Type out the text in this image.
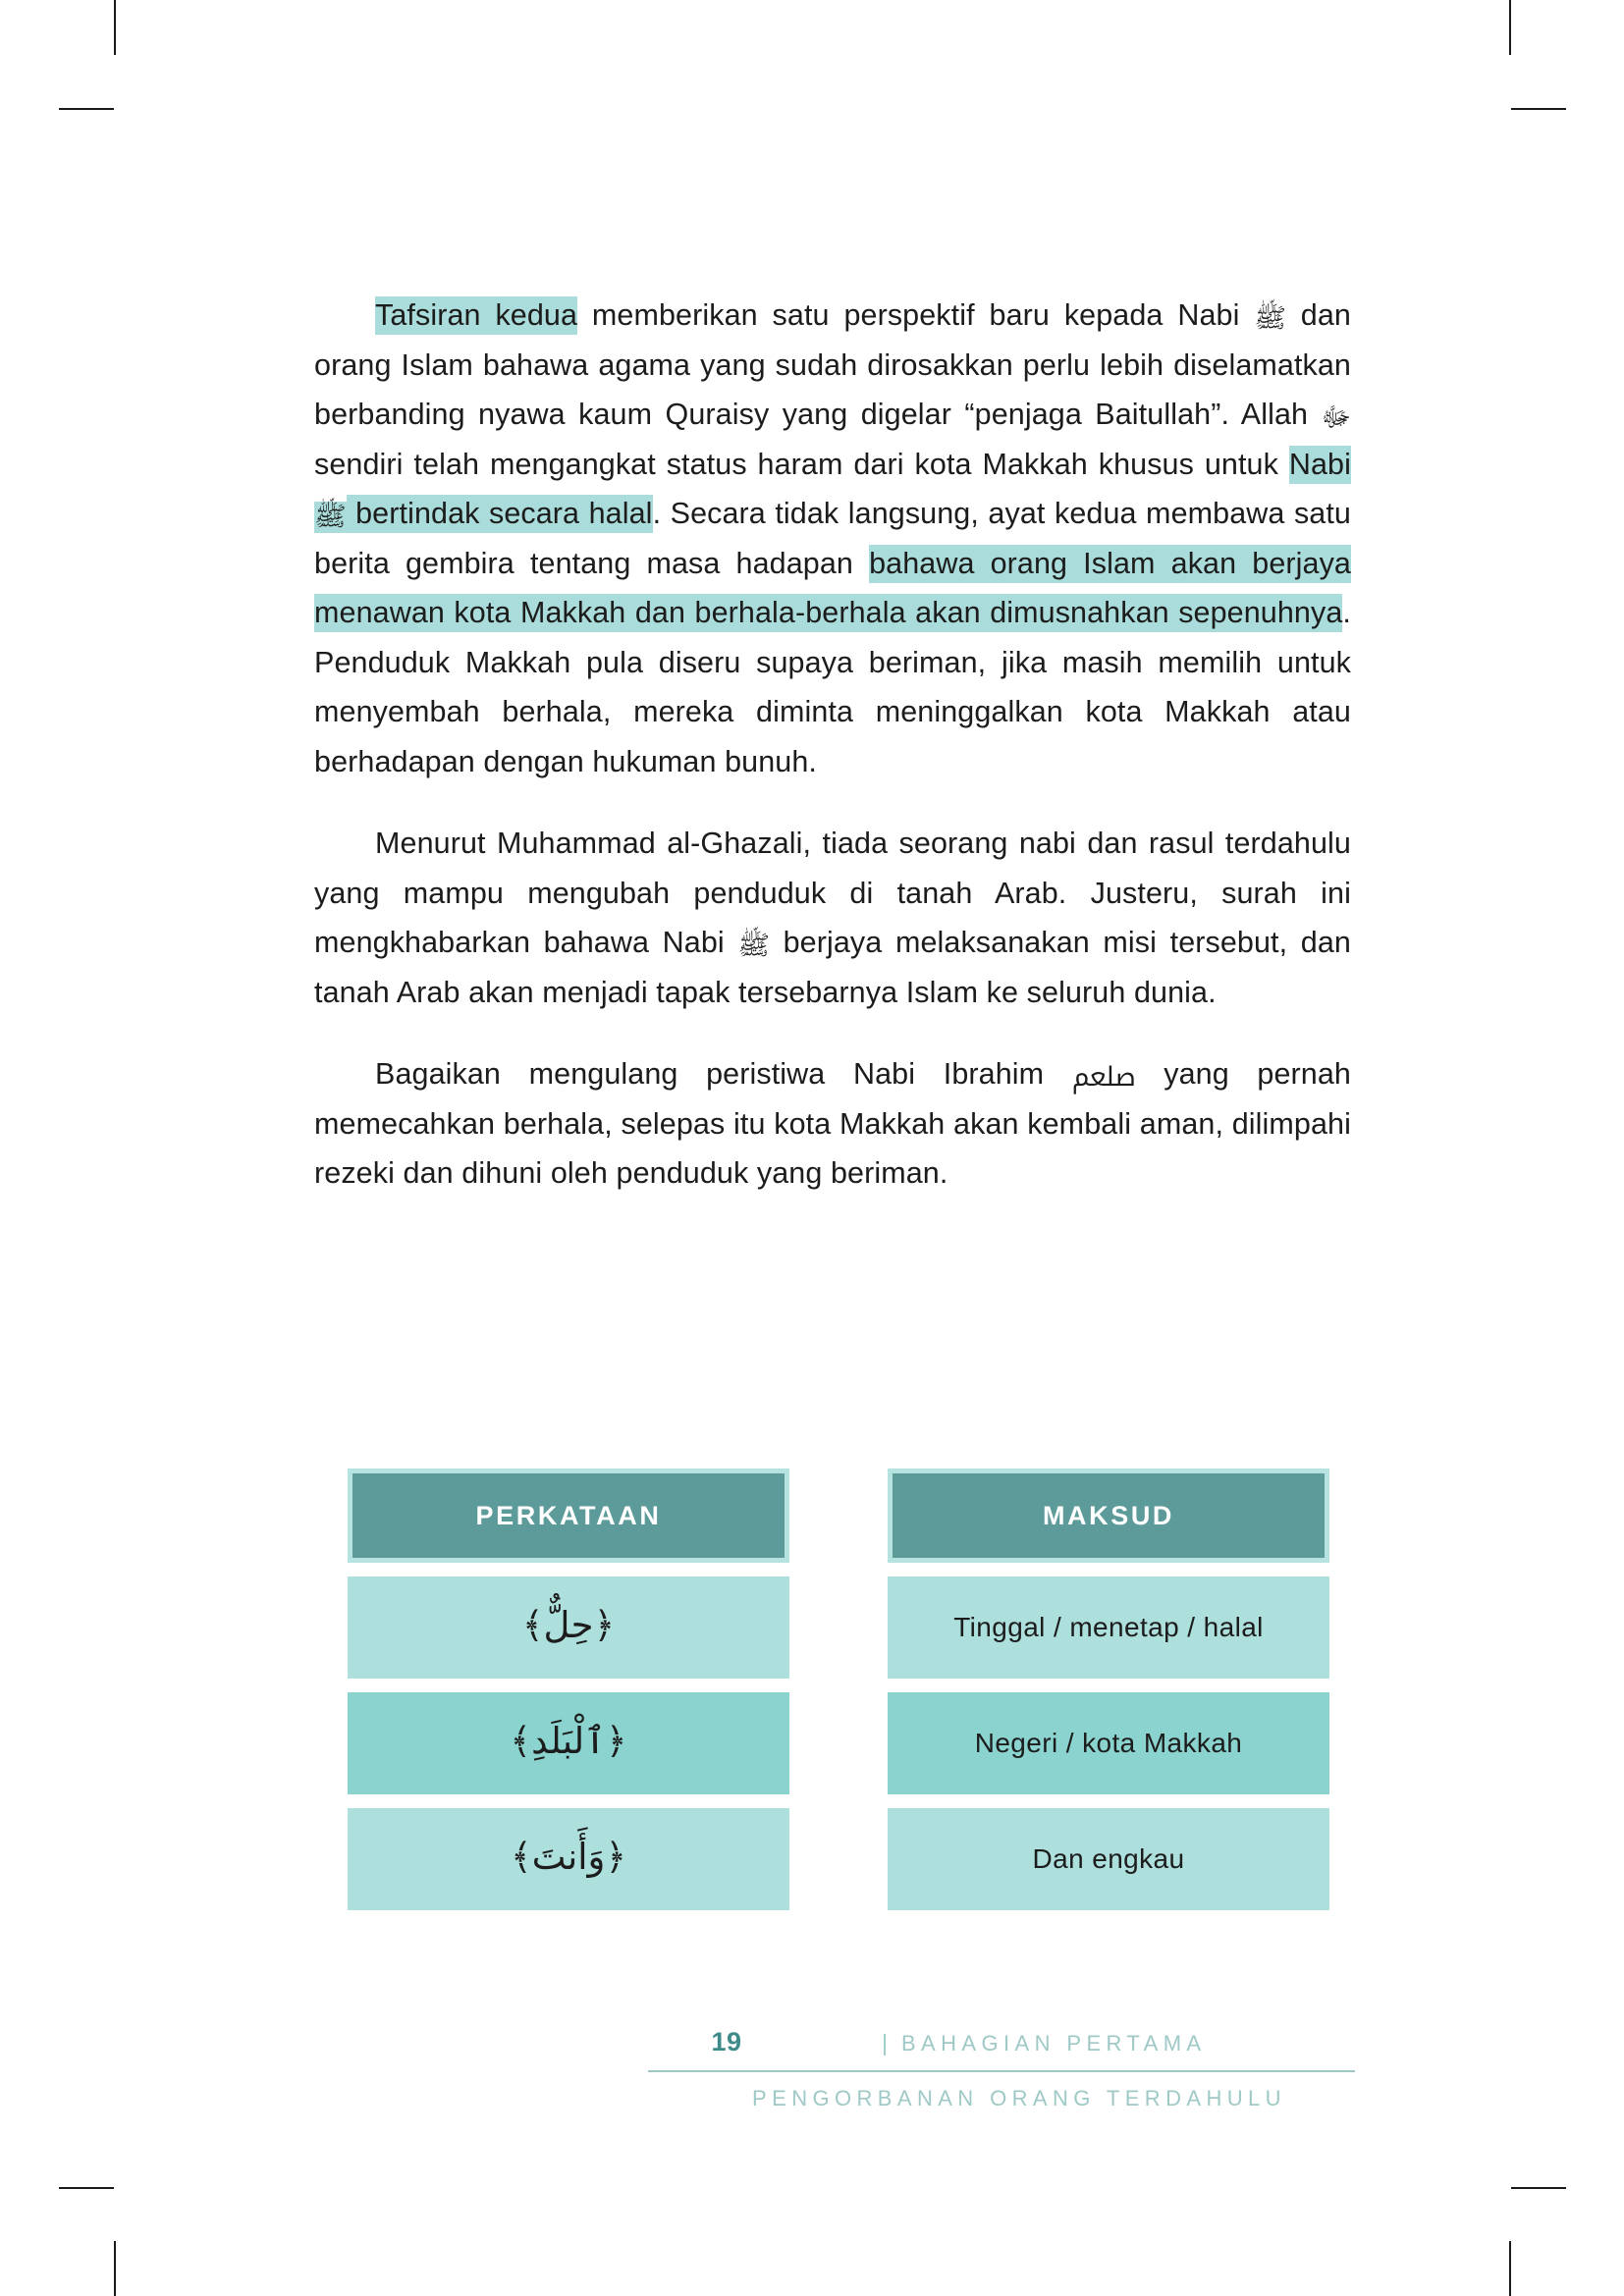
Tafsiran kedua memberikan satu perspektif baru kepada Nabi ﷺ dan orang Islam bahawa agama yang sudah dirosakkan perlu lebih diselamatkan berbanding nyawa kaum Quraisy yang digelar “penjaga Baitullah”. Allah ﷻ sendiri telah mengangkat status haram dari kota Makkah khusus untuk Nabi ﷺ bertindak secara halal. Secara tidak langsung, ayat kedua membawa satu berita gembira tentang masa hadapan bahawa orang Islam akan berjaya menawan kota Makkah dan berhala-berhala akan dimusnahkan sepenuhnya. Penduduk Makkah pula diseru supaya beriman, jika masih memilih untuk menyembah berhala, mereka diminta meninggalkan kota Makkah atau berhadapan dengan hukuman bunuh.

Menurut Muhammad al-Ghazali, tiada seorang nabi dan rasul terdahulu yang mampu mengubah penduduk di tanah Arab. Justeru, surah ini mengkhabarkan bahawa Nabi ﷺ berjaya melaksanakan misi tersebut, dan tanah Arab akan menjadi tapak tersebarnya Islam ke seluruh dunia.

Bagaikan mengulang peristiwa Nabi Ibrahim ﷵ yang pernah memecahkan berhala, selepas itu kota Makkah akan kembali aman, dilimpahi rezeki dan dihuni oleh penduduk yang beriman.

PERKATAAN
﴿حِلٌّ﴾
﴿ٱلْبَلَدِ﴾
﴿وَأَنتَ﴾
MAKSUD
Tinggal / menetap / halal
Negeri / kota Makkah
Dan engkau
19	| BAHAGIAN PERTAMA
PENGORBANAN ORANG TERDAHULU
